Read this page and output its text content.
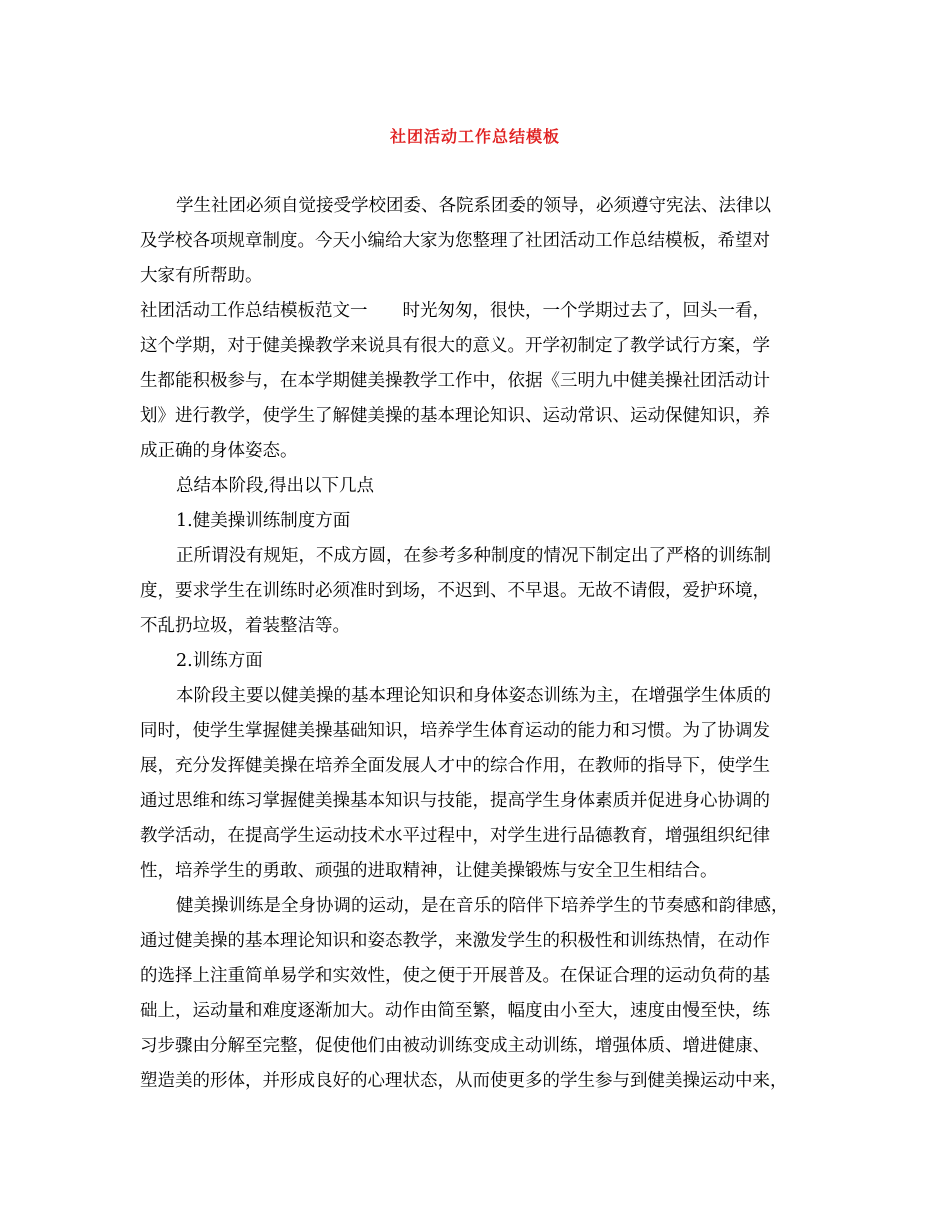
社团活动工作总结模板
学生社团必须自觉接受学校团委、各院系团委的领导，必须遵守宪法、法律以
及学校各项规章制度。今天小编给大家为您整理了社团活动工作总结模板，希望对
大家有所帮助。
社团活动工作总结模板范文一　　时光匆匆，很快，一个学期过去了，回头一看，
这个学期，对于健美操教学来说具有很大的意义。开学初制定了教学试行方案，学
生都能积极参与，在本学期健美操教学工作中，依据《三明九中健美操社团活动计
划》进行教学，使学生了解健美操的基本理论知识、运动常识、运动保健知识，养
成正确的身体姿态。
总结本阶段,得出以下几点
1.健美操训练制度方面
正所谓没有规矩，不成方圆，在参考多种制度的情况下制定出了严格的训练制
度，要求学生在训练时必须准时到场，不迟到、不早退。无故不请假，爱护环境，
不乱扔垃圾，着装整洁等。
2.训练方面
本阶段主要以健美操的基本理论知识和身体姿态训练为主，在增强学生体质的
同时，使学生掌握健美操基础知识，培养学生体育运动的能力和习惯。为了协调发
展，充分发挥健美操在培养全面发展人才中的综合作用，在教师的指导下，使学生
通过思维和练习掌握健美操基本知识与技能，提高学生身体素质并促进身心协调的
教学活动，在提高学生运动技术水平过程中，对学生进行品德教育，增强组织纪律
性，培养学生的勇敢、顽强的进取精神，让健美操锻炼与安全卫生相结合。
健美操训练是全身协调的运动，是在音乐的陪伴下培养学生的节奏感和韵律感，
通过健美操的基本理论知识和姿态教学，来激发学生的积极性和训练热情，在动作
的选择上注重简单易学和实效性，使之便于开展普及。在保证合理的运动负荷的基
础上，运动量和难度逐渐加大。动作由简至繁，幅度由小至大，速度由慢至快，练
习步骤由分解至完整，促使他们由被动训练变成主动训练，增强体质、增进健康、
塑造美的形体，并形成良好的心理状态，从而使更多的学生参与到健美操运动中来，
